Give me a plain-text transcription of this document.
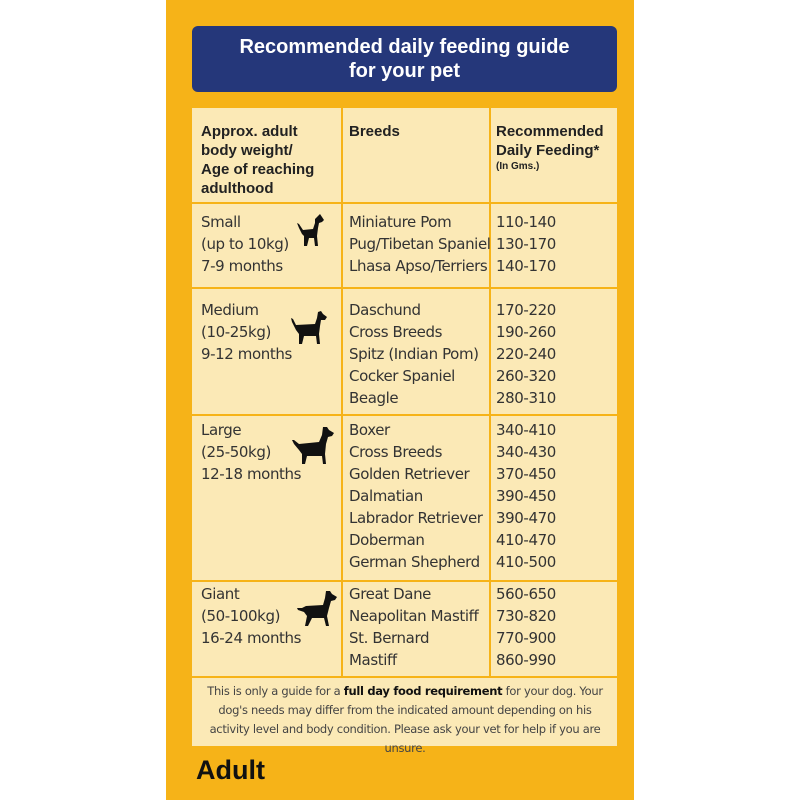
Recommended daily feeding guide
for your pet
Approx. adult
body weight/
Age of reaching
adulthood
Breeds	Recommended
Daily Feeding*
(In Gms.)
Small
(up to 10kg)
7-9 months
Miniature Pom
Pug/Tibetan Spaniel
Lhasa Apso/Terriers
110-140
130-170
140-170
Medium
(10-25kg)
9-12 months
Daschund
Cross Breeds
Spitz (Indian Pom)
Cocker Spaniel
Beagle
170-220
190-260
220-240
260-320
280-310
Large
(25-50kg)
12-18 months
Boxer
Cross Breeds
Golden Retriever
Dalmatian
Labrador Retriever
Doberman
German Shepherd
340-410
340-430
370-450
390-450
390-470
410-470
410-500
Giant
(50-100kg)
16-24 months
Great Dane
Neapolitan Mastiff
St. Bernard
Mastiff
560-650
730-820
770-900
860-990
This is only a guide for a full day food requirement for your dog. Your dog's needs may differ from the indicated amount depending on his activity level and body condition. Please ask your vet for help if you are unsure.
Adult
